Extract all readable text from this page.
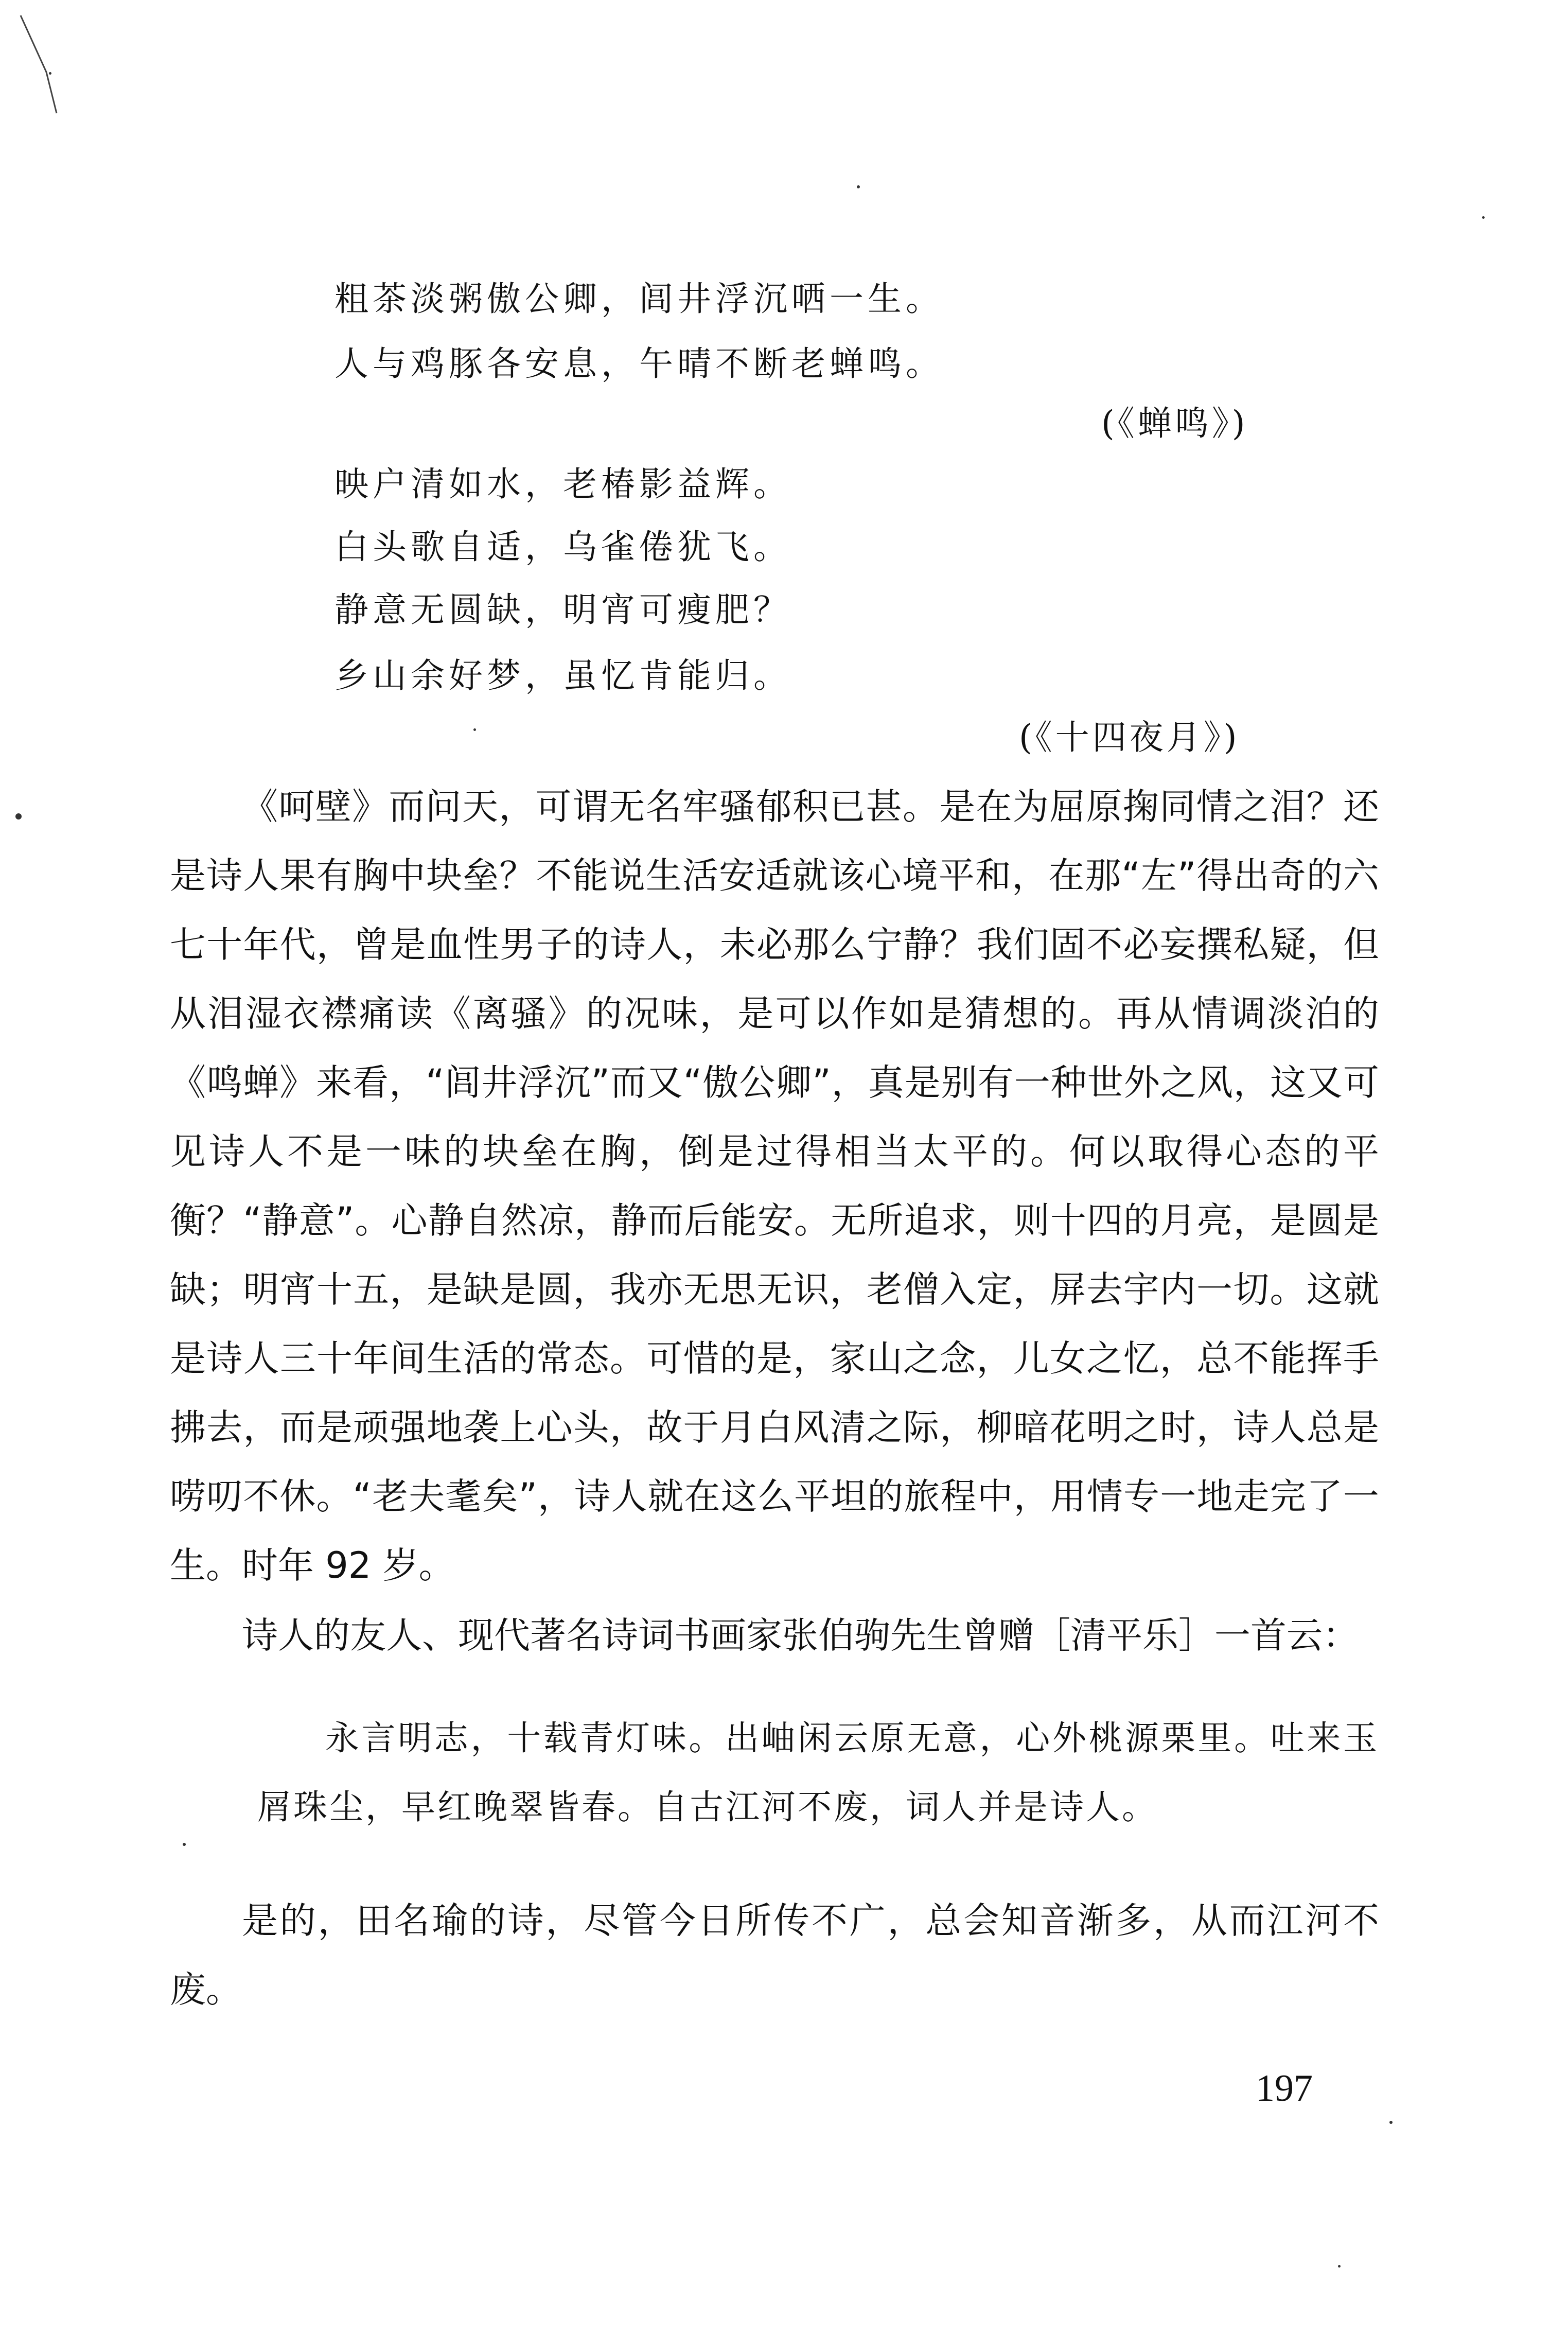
粗茶淡粥傲公卿，闾井浮沉哂一生。
人与鸡豚各安息，午晴不断老蝉鸣。
(《蝉鸣》)
映户清如水，老椿影益辉。
白头歌自适，乌雀倦犹飞。
静意无圆缺，明宵可瘦肥？
乡山余好梦，虽忆肯能归。
(《十四夜月》)
《呵壁》而问天，可谓无名牢骚郁积已甚。是在为屈原掬同情之泪？还是诗人果有胸中块垒？不能说生活安适就该心境平和，在那“左”得出奇的六七十年代，曾是血性男子的诗人，未必那么宁静？我们固不必妄撰私疑，但从泪湿衣襟痛读《离骚》的况味，是可以作如是猜想的。再从情调淡泊的《鸣蝉》来看，“闾井浮沉”而又“傲公卿”，真是别有一种世外之风，这又可见诗人不是一味的块垒在胸，倒是过得相当太平的。何以取得心态的平衡？“静意”。心静自然凉，静而后能安。无所追求，则十四的月亮，是圆是缺；明宵十五，是缺是圆，我亦无思无识，老僧入定，屏去宇内一切。这就是诗人三十年间生活的常态。可惜的是，家山之念，儿女之忆，总不能挥手拂去，而是顽强地袭上心头，故于月白风清之际，柳暗花明之时，诗人总是唠叨不休。“老夫耄矣”，诗人就在这么平坦的旅程中，用情专一地走完了一生。时年 92 岁。
诗人的友人、现代著名诗词书画家张伯驹先生曾赠［清平乐］一首云：
永言明志，十载青灯味。出岫闲云原无意，心外桃源栗里。吐来玉屑珠尘，早红晚翠皆春。自古江河不废，词人并是诗人。
是的，田名瑜的诗，尽管今日所传不广，总会知音渐多，从而江河不废。
197
